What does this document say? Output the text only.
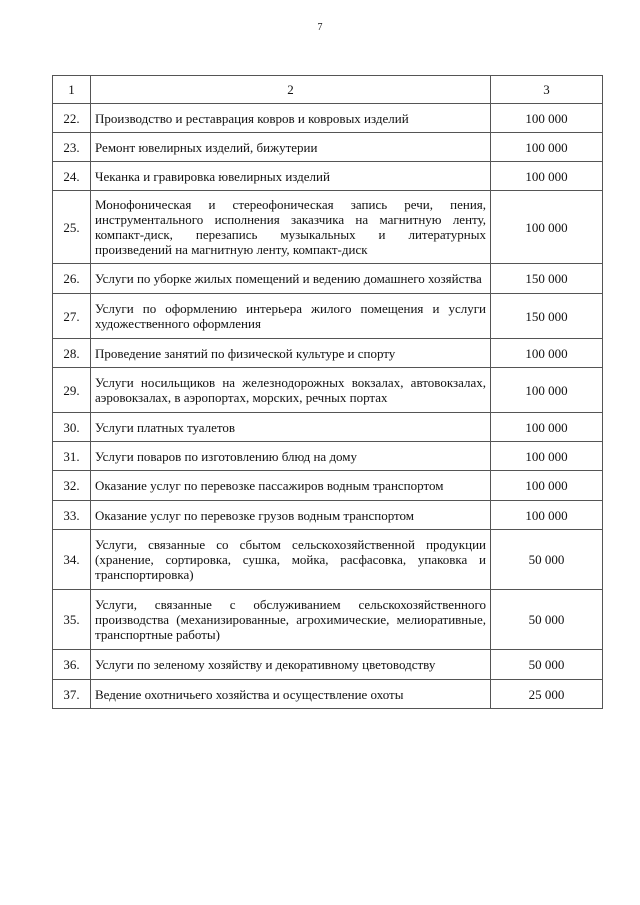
7
1	2	3
22.	Производство и реставрация ковров и ковровых изделий	100 000
23.	Ремонт ювелирных изделий, бижутерии	100 000
24.	Чеканка и гравировка ювелирных изделий	100 000
25.	Монофоническая и стереофоническая запись речи, пения, инструментального исполнения заказчика на магнитную ленту, компакт-диск, перезапись музыкальных и литературных произведений на магнитную ленту, компакт-диск	100 000
26.	Услуги по уборке жилых помещений и ведению домашнего хозяйства	150 000
27.	Услуги по оформлению интерьера жилого помещения и услуги художественного оформления	150 000
28.	Проведение занятий по физической культуре и спорту	100 000
29.	Услуги носильщиков на железнодорожных вокзалах, автовокзалах, аэровокзалах, в аэропортах, морских, речных портах	100 000
30.	Услуги платных туалетов	100 000
31.	Услуги поваров по изготовлению блюд на дому	100 000
32.	Оказание услуг по перевозке пассажиров водным транспортом	100 000
33.	Оказание услуг по перевозке грузов водным транспортом	100 000
34.	Услуги, связанные со сбытом сельскохозяйственной продукции (хранение, сортировка, сушка, мойка, расфасовка, упаковка и транспортировка)	50 000
35.	Услуги, связанные с обслуживанием сельскохозяйственного производства (механизированные, агрохимические, мелиоративные, транспортные работы)	50 000
36.	Услуги по зеленому хозяйству и декоративному цветоводству	50 000
37.	Ведение охотничьего хозяйства и осуществление охоты	25 000
